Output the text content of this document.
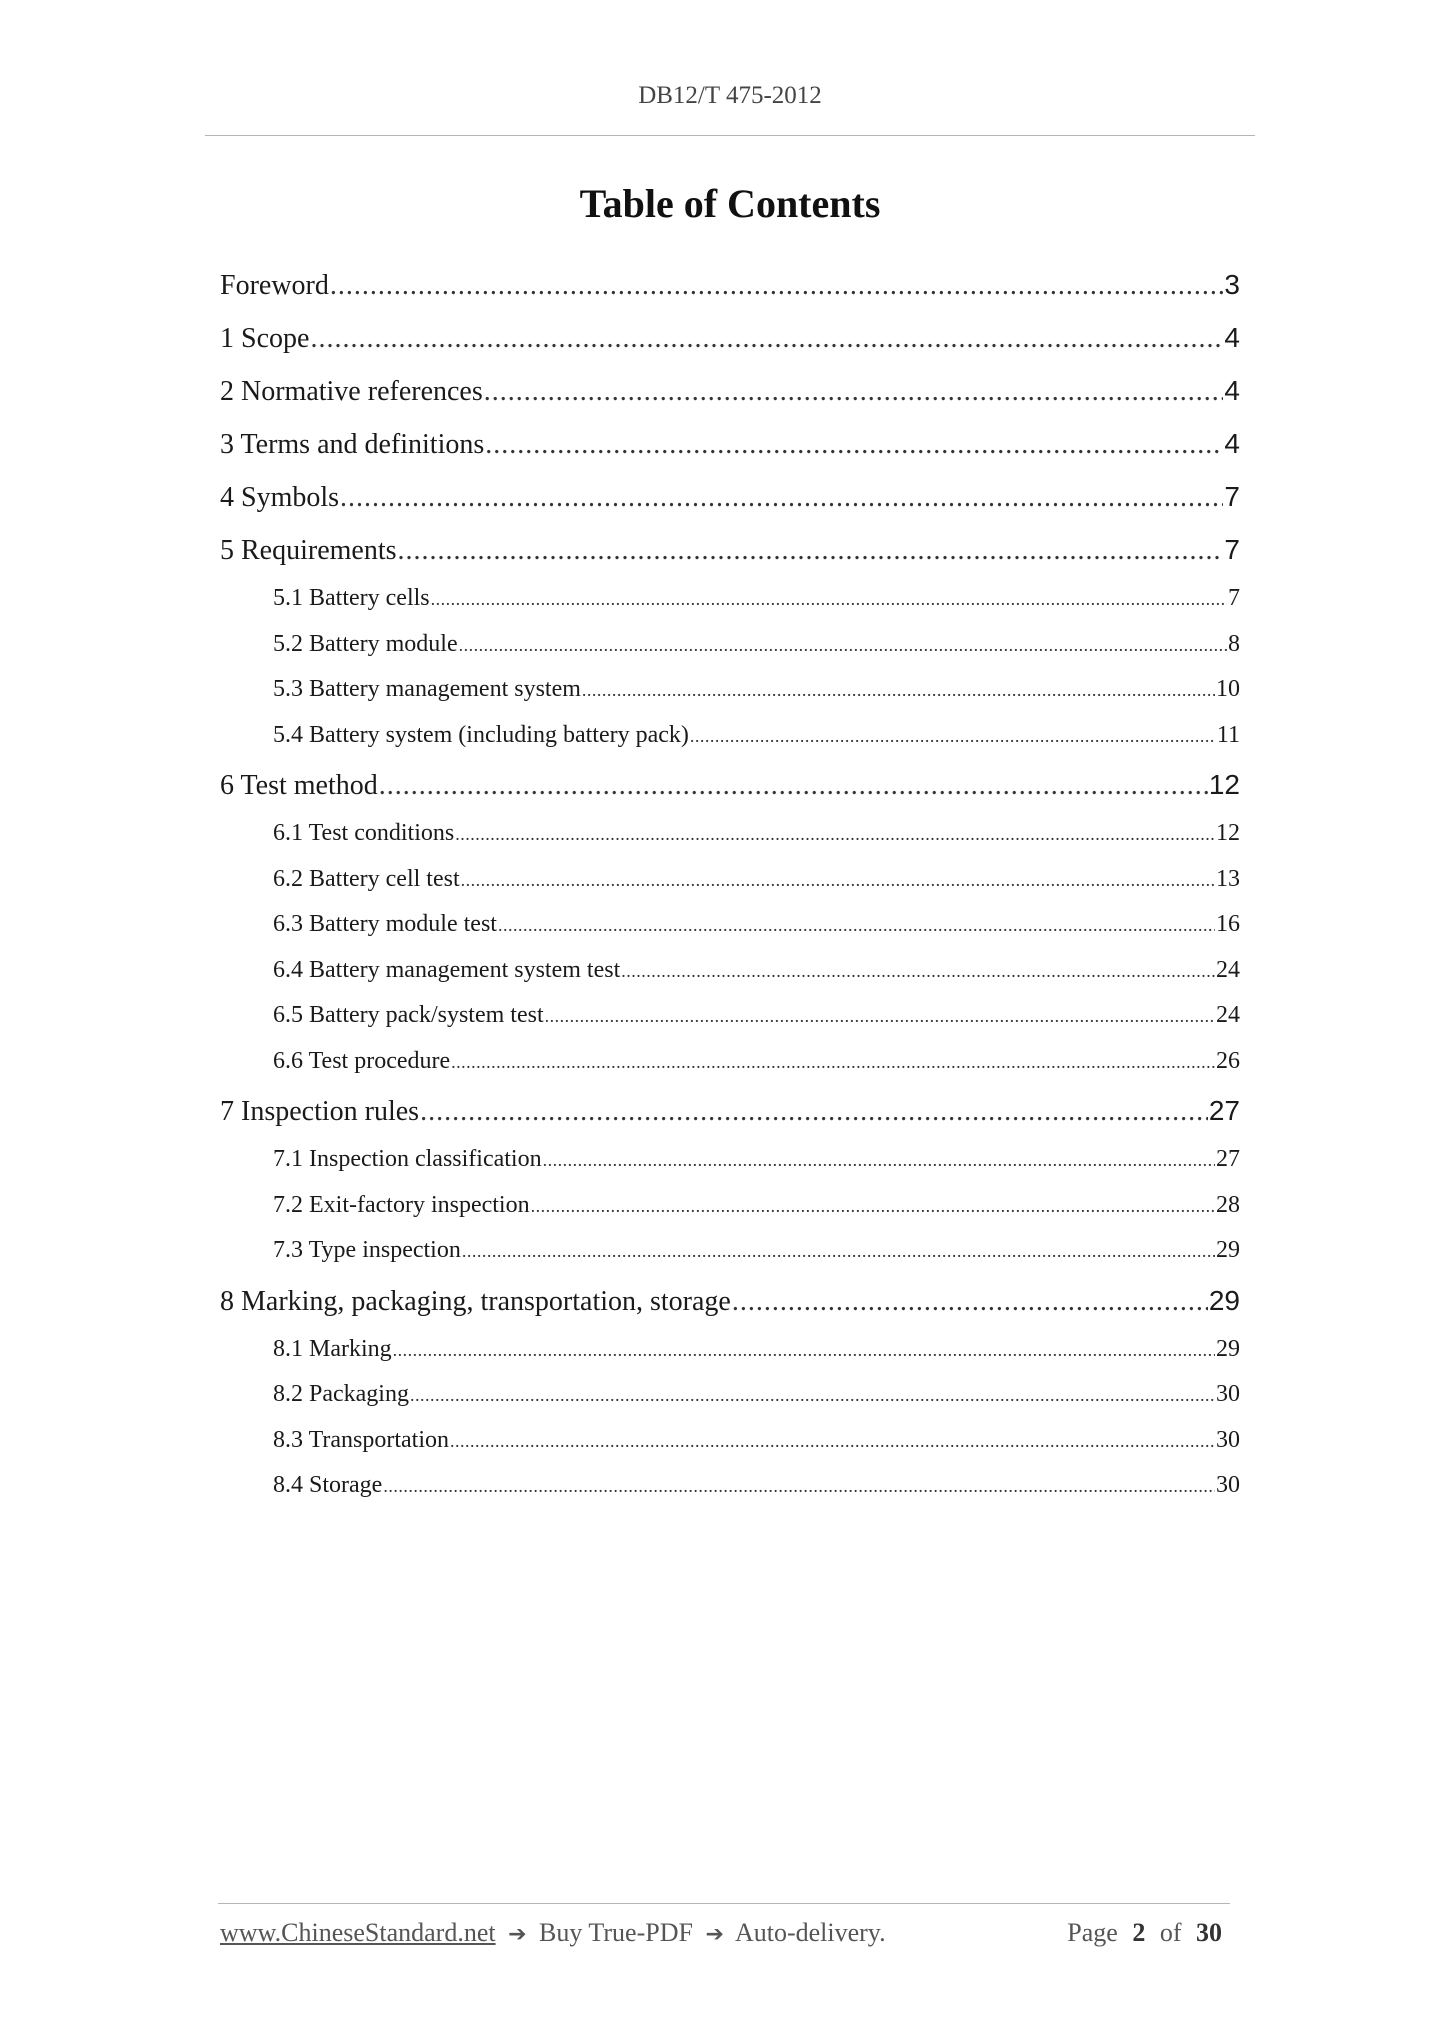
DB12/T 475-2012
Table of Contents
Foreword .....	3
1 Scope .....	4
2 Normative references .....	4
3 Terms and definitions .....	4
4 Symbols .....	7
5 Requirements .....	7
5.1 Battery cells .....	7
5.2 Battery module .....	8
5.3 Battery management system .....	10
5.4 Battery system (including battery pack) .....	11
6 Test method .....	12
6.1 Test conditions .....	12
6.2 Battery cell test .....	13
6.3 Battery module test .....	16
6.4 Battery management system test .....	24
6.5 Battery pack/system test .....	24
6.6 Test procedure .....	26
7 Inspection rules .....	27
7.1 Inspection classification .....	27
7.2 Exit-factory inspection .....	28
7.3 Type inspection .....	29
8 Marking, packaging, transportation, storage .....	29
8.1 Marking .....	29
8.2 Packaging .....	30
8.3 Transportation .....	30
8.4 Storage .....	30
www.ChineseStandard.net ➔ Buy True-PDF ➔ Auto-delivery.	Page 2 of 30
